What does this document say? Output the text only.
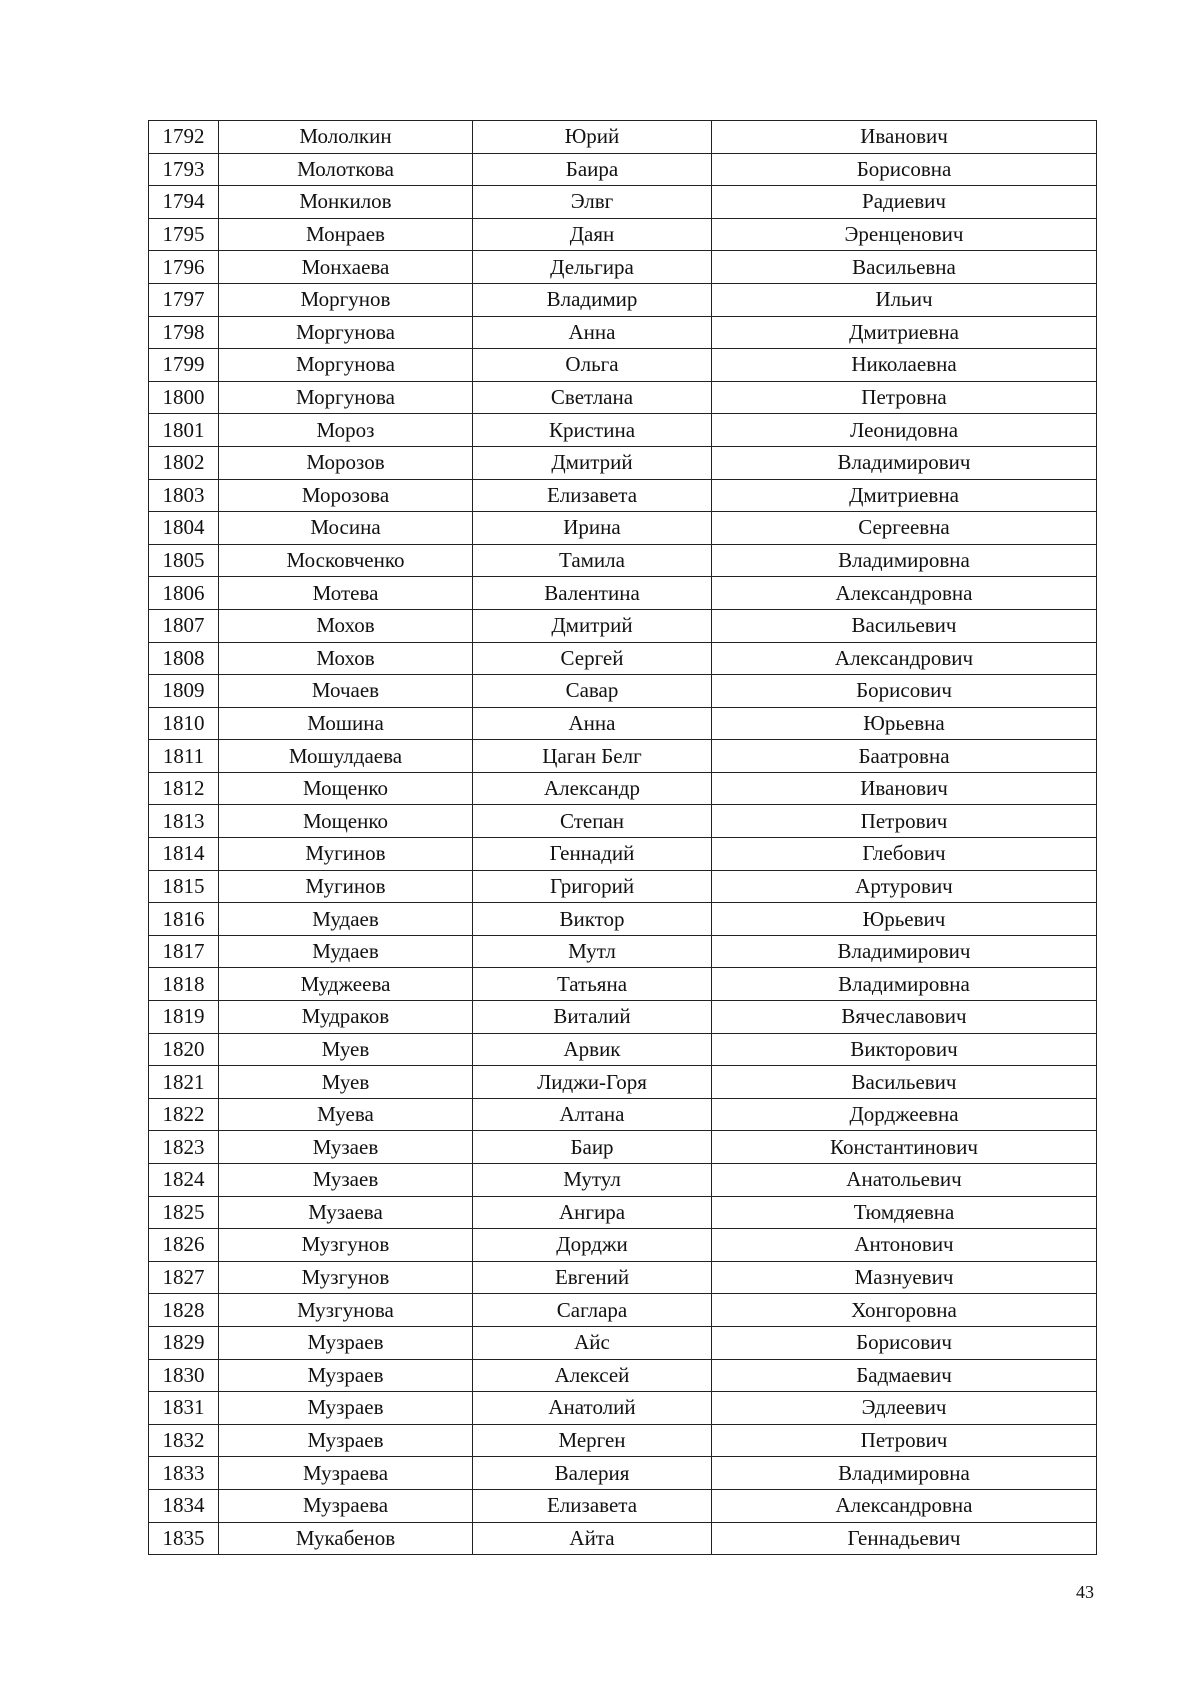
1792	Мололкин	Юрий	Иванович
1793	Молоткова	Баира	Борисовна
1794	Монкилов	Элвг	Радиевич
1795	Монраев	Даян	Эренценович
1796	Монхаева	Дельгира	Васильевна
1797	Моргунов	Владимир	Ильич
1798	Моргунова	Анна	Дмитриевна
1799	Моргунова	Ольга	Николаевна
1800	Моргунова	Светлана	Петровна
1801	Мороз	Кристина	Леонидовна
1802	Морозов	Дмитрий	Владимирович
1803	Морозова	Елизавета	Дмитриевна
1804	Мосина	Ирина	Сергеевна
1805	Московченко	Тамила	Владимировна
1806	Мотева	Валентина	Александровна
1807	Мохов	Дмитрий	Васильевич
1808	Мохов	Сергей	Александрович
1809	Мочаев	Савар	Борисович
1810	Мошина	Анна	Юрьевна
1811	Мошулдаева	Цаган Белг	Баатровна
1812	Мощенко	Александр	Иванович
1813	Мощенко	Степан	Петрович
1814	Мугинов	Геннадий	Глебович
1815	Мугинов	Григорий	Артурович
1816	Мудаев	Виктор	Юрьевич
1817	Мудаев	Мутл	Владимирович
1818	Муджеева	Татьяна	Владимировна
1819	Мудраков	Виталий	Вячеславович
1820	Муев	Арвик	Викторович
1821	Муев	Лиджи-Горя	Васильевич
1822	Муева	Алтана	Дорджеевна
1823	Музаев	Баир	Константинович
1824	Музаев	Мутул	Анатольевич
1825	Музаева	Ангира	Тюмдяевна
1826	Музгунов	Дорджи	Антонович
1827	Музгунов	Евгений	Мазнуевич
1828	Музгунова	Саглара	Хонгоровна
1829	Музраев	Айс	Борисович
1830	Музраев	Алексей	Бадмаевич
1831	Музраев	Анатолий	Эдлеевич
1832	Музраев	Мерген	Петрович
1833	Музраева	Валерия	Владимировна
1834	Музраева	Елизавета	Александровна
1835	Мукабенов	Айта	Геннадьевич
43
